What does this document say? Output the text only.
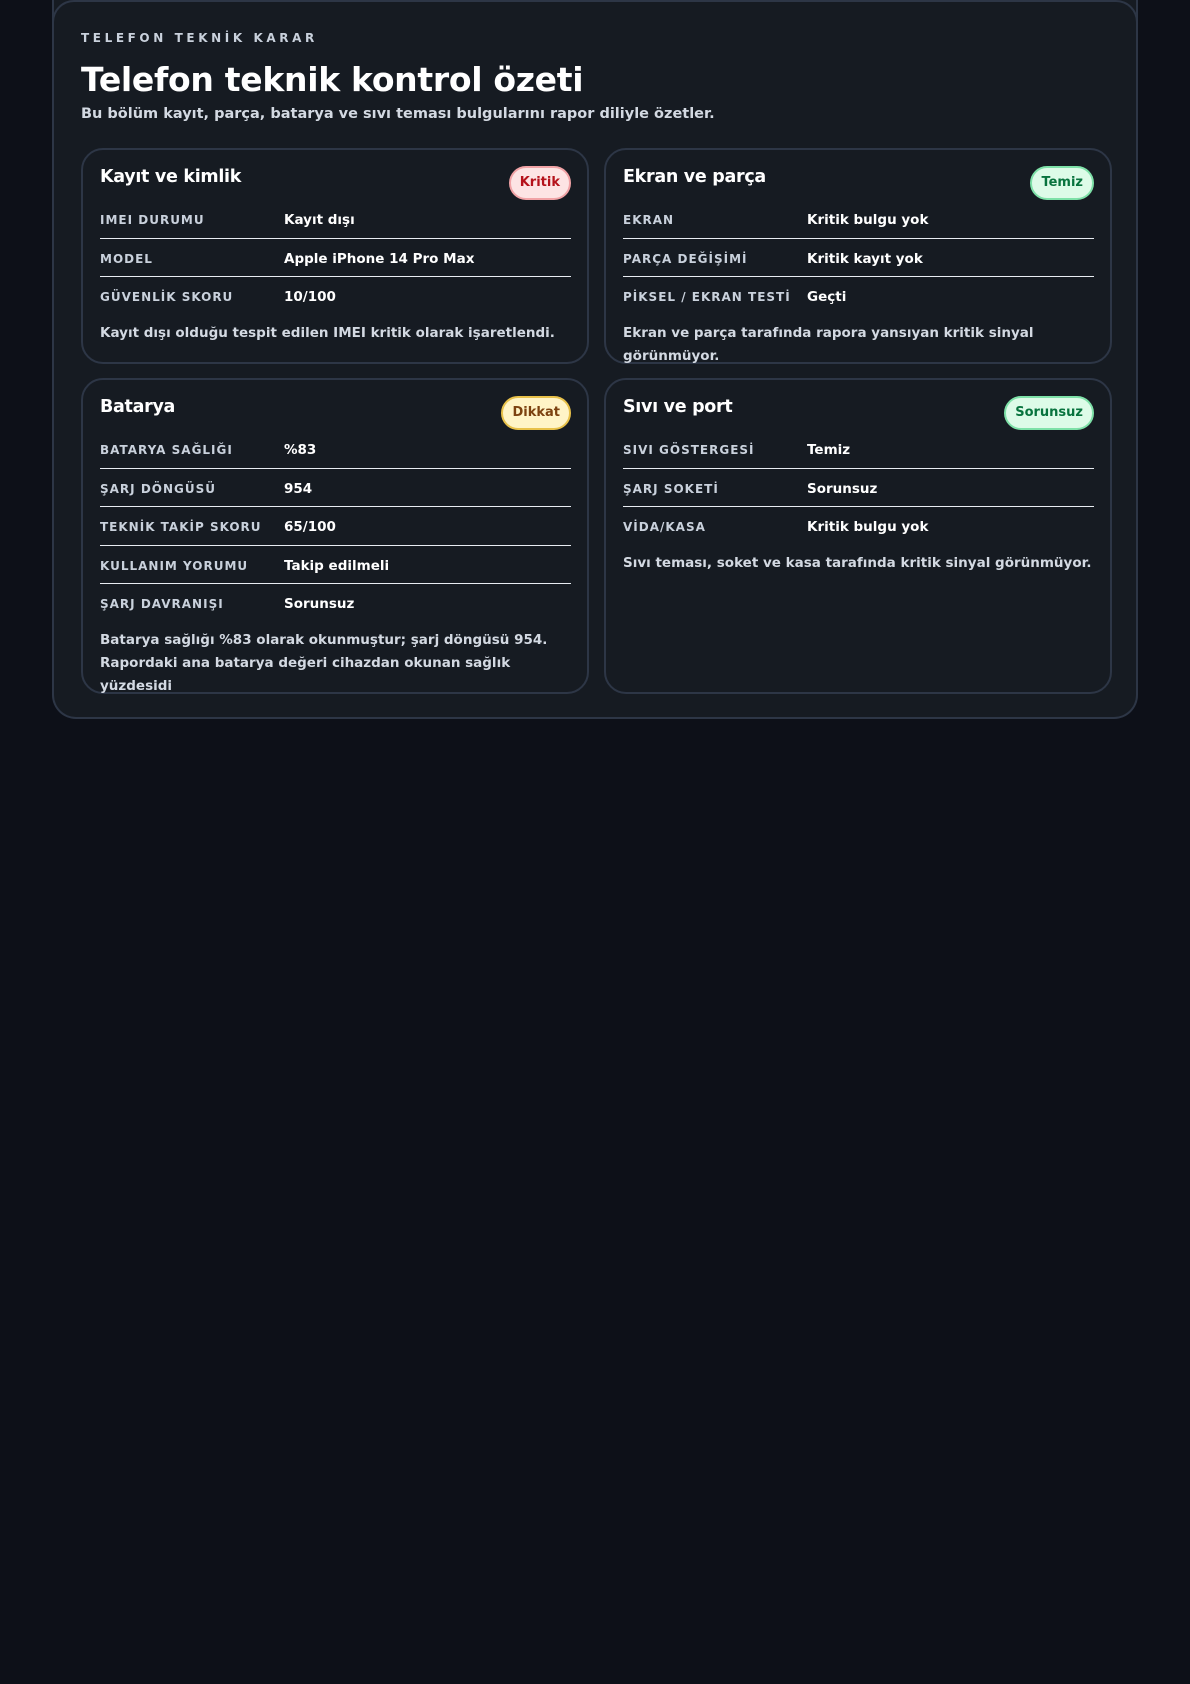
TELEFON TEKNİK KARAR
Telefon teknik kontrol özeti
Bu bölüm kayıt, parça, batarya ve sıvı teması bulgularını rapor diliyle özetler.
Kayıt ve kimlik	Kritik
IMEI DURUMU	Kayıt dışı
MODEL	Apple iPhone 14 Pro Max
GÜVENLİK SKORU	10/100
Kayıt dışı olduğu tespit edilen IMEI kritik olarak işaretlendi.
Ekran ve parça	Temiz
EKRAN	Kritik bulgu yok
PARÇA DEĞİŞİMİ	Kritik kayıt yok
PİKSEL / EKRAN TESTİ Geçti
Ekran ve parça tarafında rapora yansıyan kritik sinyal görünmüyor.
Batarya	Dikkat
BATARYA SAĞLIĞI	%83
ŞARJ DÖNGÜSÜ	954
TEKNİK TAKİP SKORU 65/100
KULLANIM YORUMU	Takip edilmeli
ŞARJ DAVRANIŞI	Sorunsuz
Batarya sağlığı %83 olarak okunmuştur; şarj döngüsü 954. Rapordaki ana batarya değeri cihazdan okunan sağlık yüzdesidi
Sıvı ve port	Sorunsuz
SIVI GÖSTERGESİ	Temiz
ŞARJ SOKETİ	Sorunsuz
VİDA/KASA	Kritik bulgu yok
Sıvı teması, soket ve kasa tarafında kritik sinyal görünmüyor.
